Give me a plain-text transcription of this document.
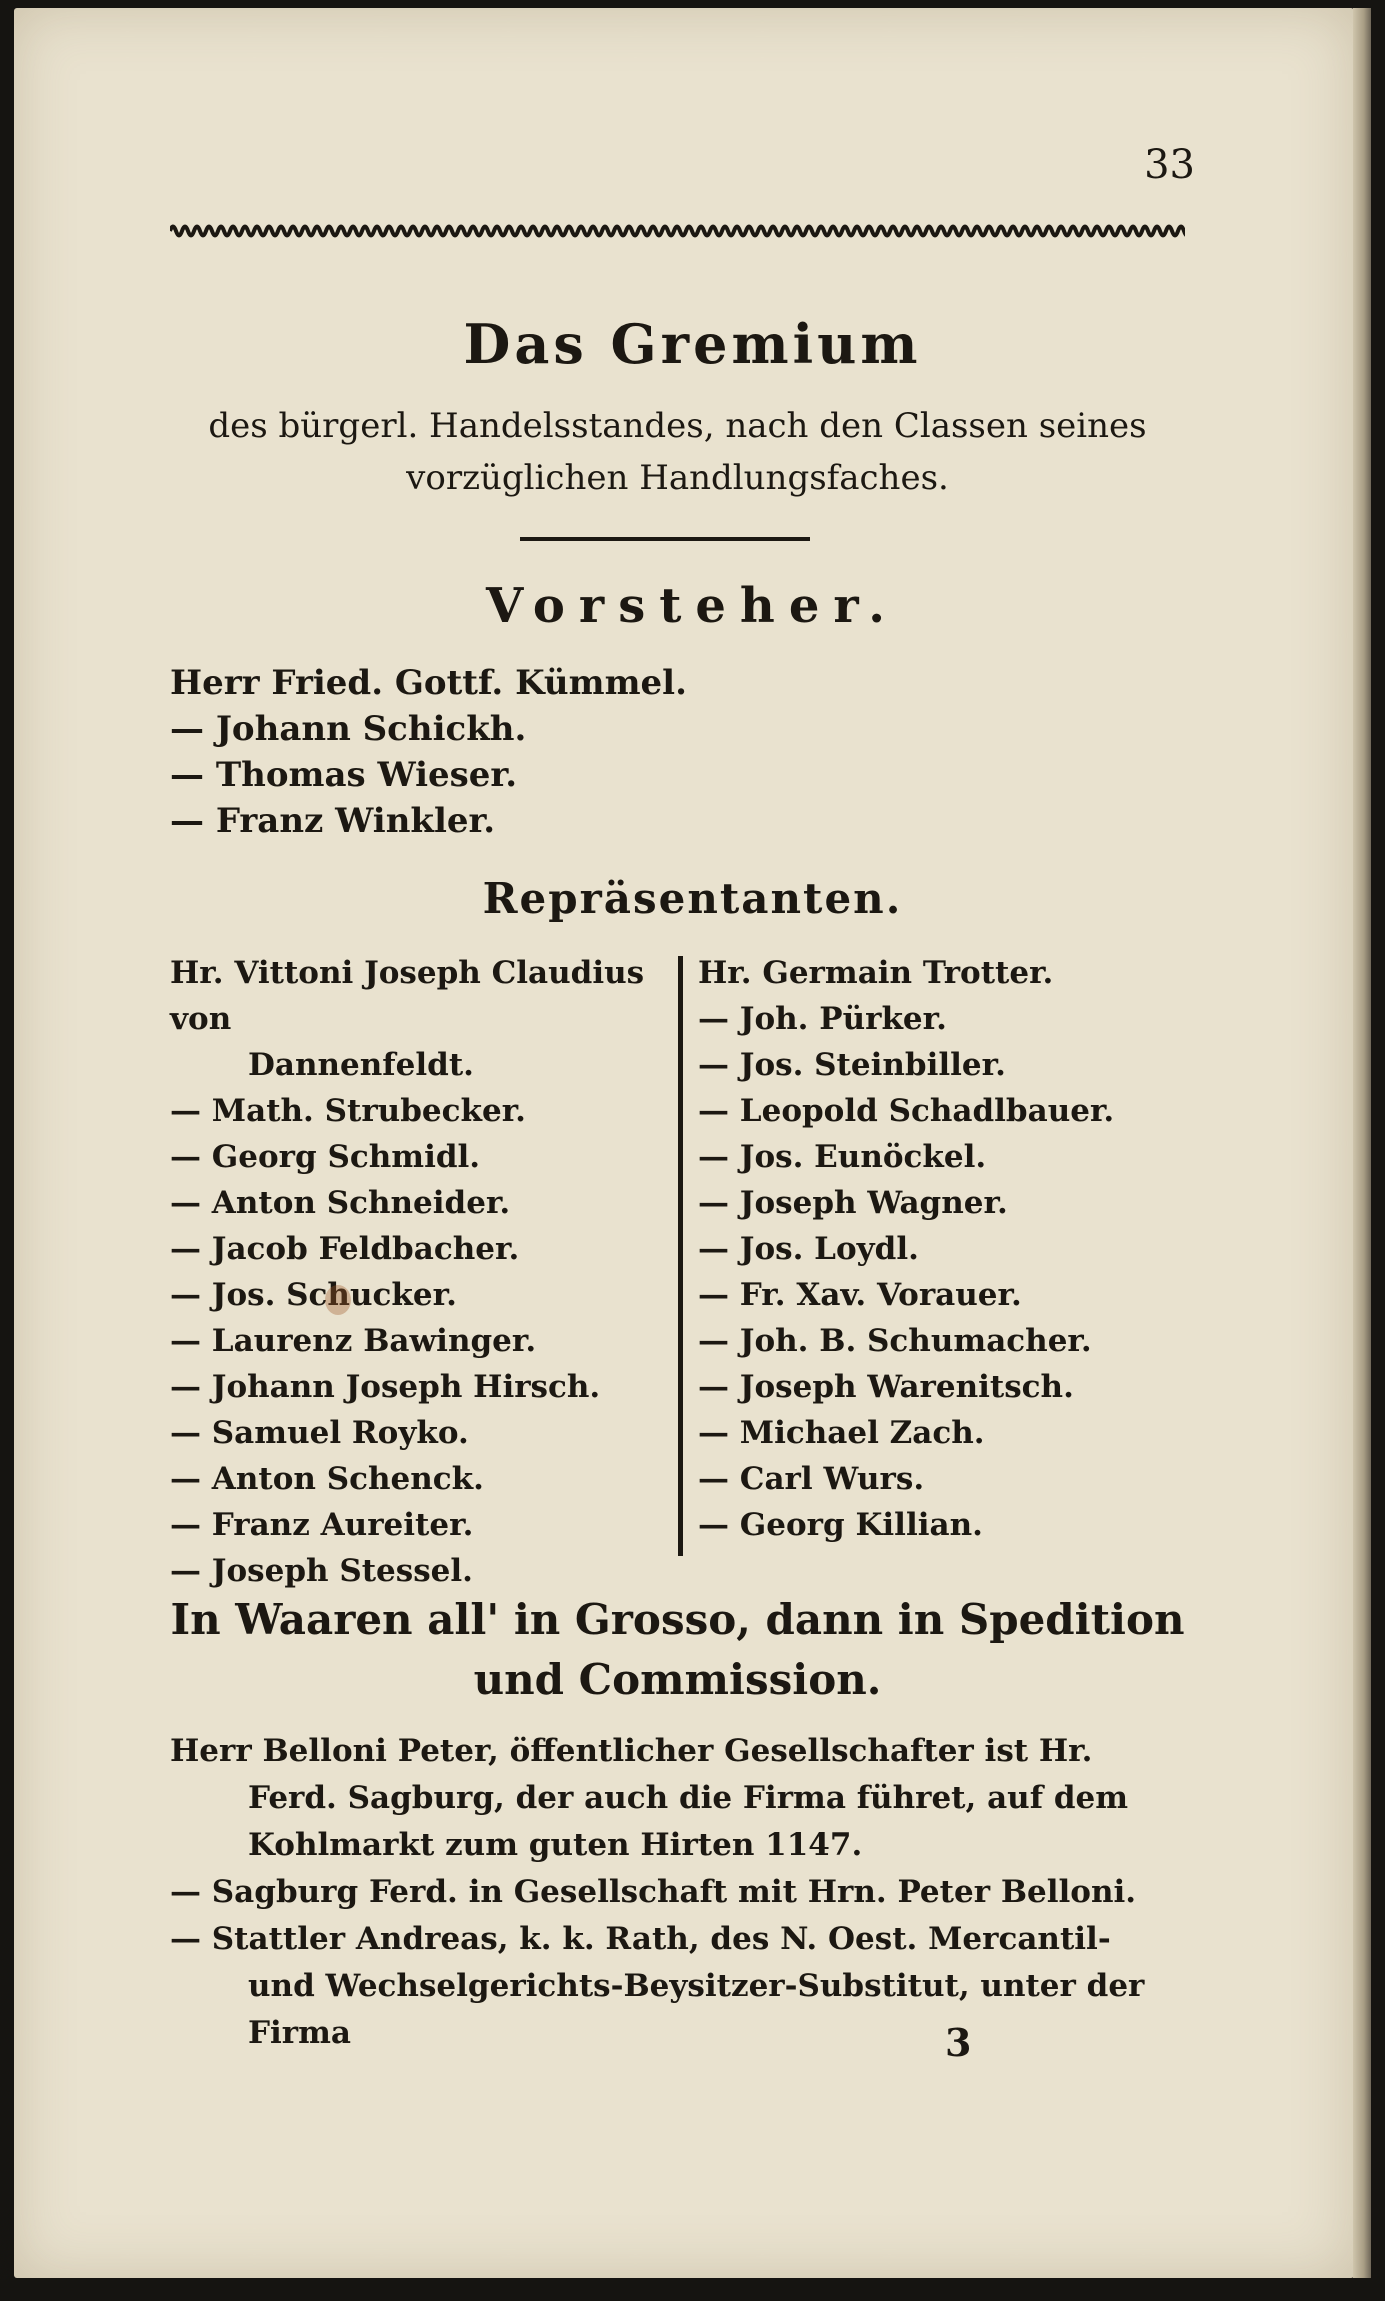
33
Das Gremium
des bürgerl. Handelsstandes, nach den Classen seines vorzüglichen Handlungsfaches.
Vorsteher.
Herr Fried. Gottf. Kümmel.
— Johann Schickh.
— Thomas Wieser.
— Franz Winkler.
Repräsentanten.
Hr. Vittoni Joseph Claudius von
Dannenfeldt.
— Math. Strubecker.
— Georg Schmidl.
— Anton Schneider.
— Jacob Feldbacher.
— Jos. Schucker.
— Laurenz Bawinger.
— Johann Joseph Hirsch.
— Samuel Royko.
— Anton Schenck.
— Franz Aureiter.
— Joseph Stessel.
Hr. Germain Trotter.
— Joh. Pürker.
— Jos. Steinbiller.
— Leopold Schadlbauer.
— Jos. Eunöckel.
— Joseph Wagner.
— Jos. Loydl.
— Fr. Xav. Vorauer.
— Joh. B. Schumacher.
— Joseph Warenitsch.
— Michael Zach.
— Carl Wurs.
— Georg Killian.
In Waaren all' in Grosso, dann in Spedition und Commission.
Herr Belloni Peter, öffentlicher Gesellschafter ist Hr. Ferd. Sagburg, der auch die Firma führet, auf dem Kohlmarkt zum guten Hirten 1147.
— Sagburg Ferd. in Gesellschaft mit Hrn. Peter Belloni.
— Stattler Andreas, k. k. Rath, des N. Oest. Mercantil- und Wechselgerichts-Beysitzer-Substitut, unter der Firma	3
